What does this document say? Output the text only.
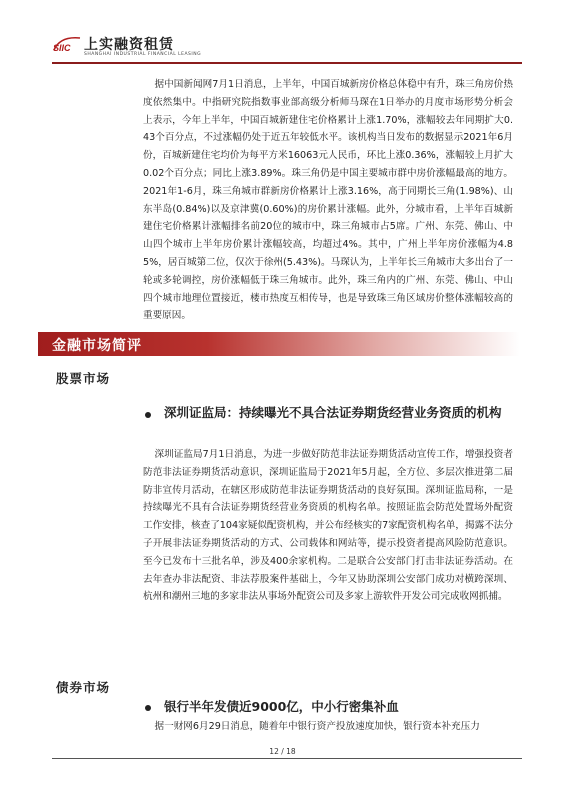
SIIC 上实融资租赁
SHANGHAI INDUSTRIAL FINANCIAL LEASING

据中国新闻网7月1日消息，上半年，中国百城新房价格总体稳中有升，珠三角房价热度依然集中。中指研究院指数事业部高级分析师马琛在1日举办的月度市场形势分析会上表示，今年上半年，中国百城新建住宅价格累计上涨1.70%，涨幅较去年同期扩大0.43个百分点，不过涨幅仍处于近五年较低水平。该机构当日发布的数据显示2021年6月份，百城新建住宅均价为每平方米16063元人民币，环比上涨0.36%，涨幅较上月扩大0.02个百分点；同比上涨3.89%。珠三角仍是中国主要城市群中房价涨幅最高的地方。2021年1-6月，珠三角城市群新房价格累计上涨3.16%，高于同期长三角(1.98%)、山东半岛(0.84%)以及京津冀(0.60%)的房价累计涨幅。此外，分城市看，上半年百城新建住宅价格累计涨幅排名前20位的城市中，珠三角城市占5席。广州、东莞、佛山、中山四个城市上半年房价累计涨幅较高，均超过4%。其中，广州上半年房价涨幅为4.85%，居百城第二位，仅次于徐州(5.43%)。马琛认为，上半年长三角城市大多出台了一轮或多轮调控，房价涨幅低于珠三角城市。此外，珠三角内的广州、东莞、佛山、中山四个城市地理位置接近，楼市热度互相传导，也是导致珠三角区域房价整体涨幅较高的重要原因。

金融市场简评
股票市场
深圳证监局：持续曝光不具合法证券期货经营业务资质的机构

深圳证监局7月1日消息，为进一步做好防范非法证券期货活动宣传工作，增强投资者防范非法证券期货活动意识，深圳证监局于2021年5月起，全方位、多层次推进第二届防非宣传月活动，在辖区形成防范非法证券期货活动的良好氛围。深圳证监局称，一是持续曝光不具有合法证券期货经营业务资质的机构名单。按照证监会防范处置场外配资工作安排，核查了104家疑似配资机构，并公布经核实的7家配资机构名单，揭露不法分子开展非法证券期货活动的方式、公司载体和网站等，提示投资者提高风险防范意识。至今已发布十三批名单，涉及400余家机构。二是联合公安部门打击非法证券活动。在去年查办非法配资、非法荐股案件基础上，今年又协助深圳公安部门成功对横跨深圳、杭州和潮州三地的多家非法从事场外配资公司及多家上游软件开发公司完成收网抓捕。

债券市场
银行半年发债近9000亿，中小行密集补血

据一财网6月29日消息，随着年中银行资产投放速度加快，银行资本补充压力

12 / 18
